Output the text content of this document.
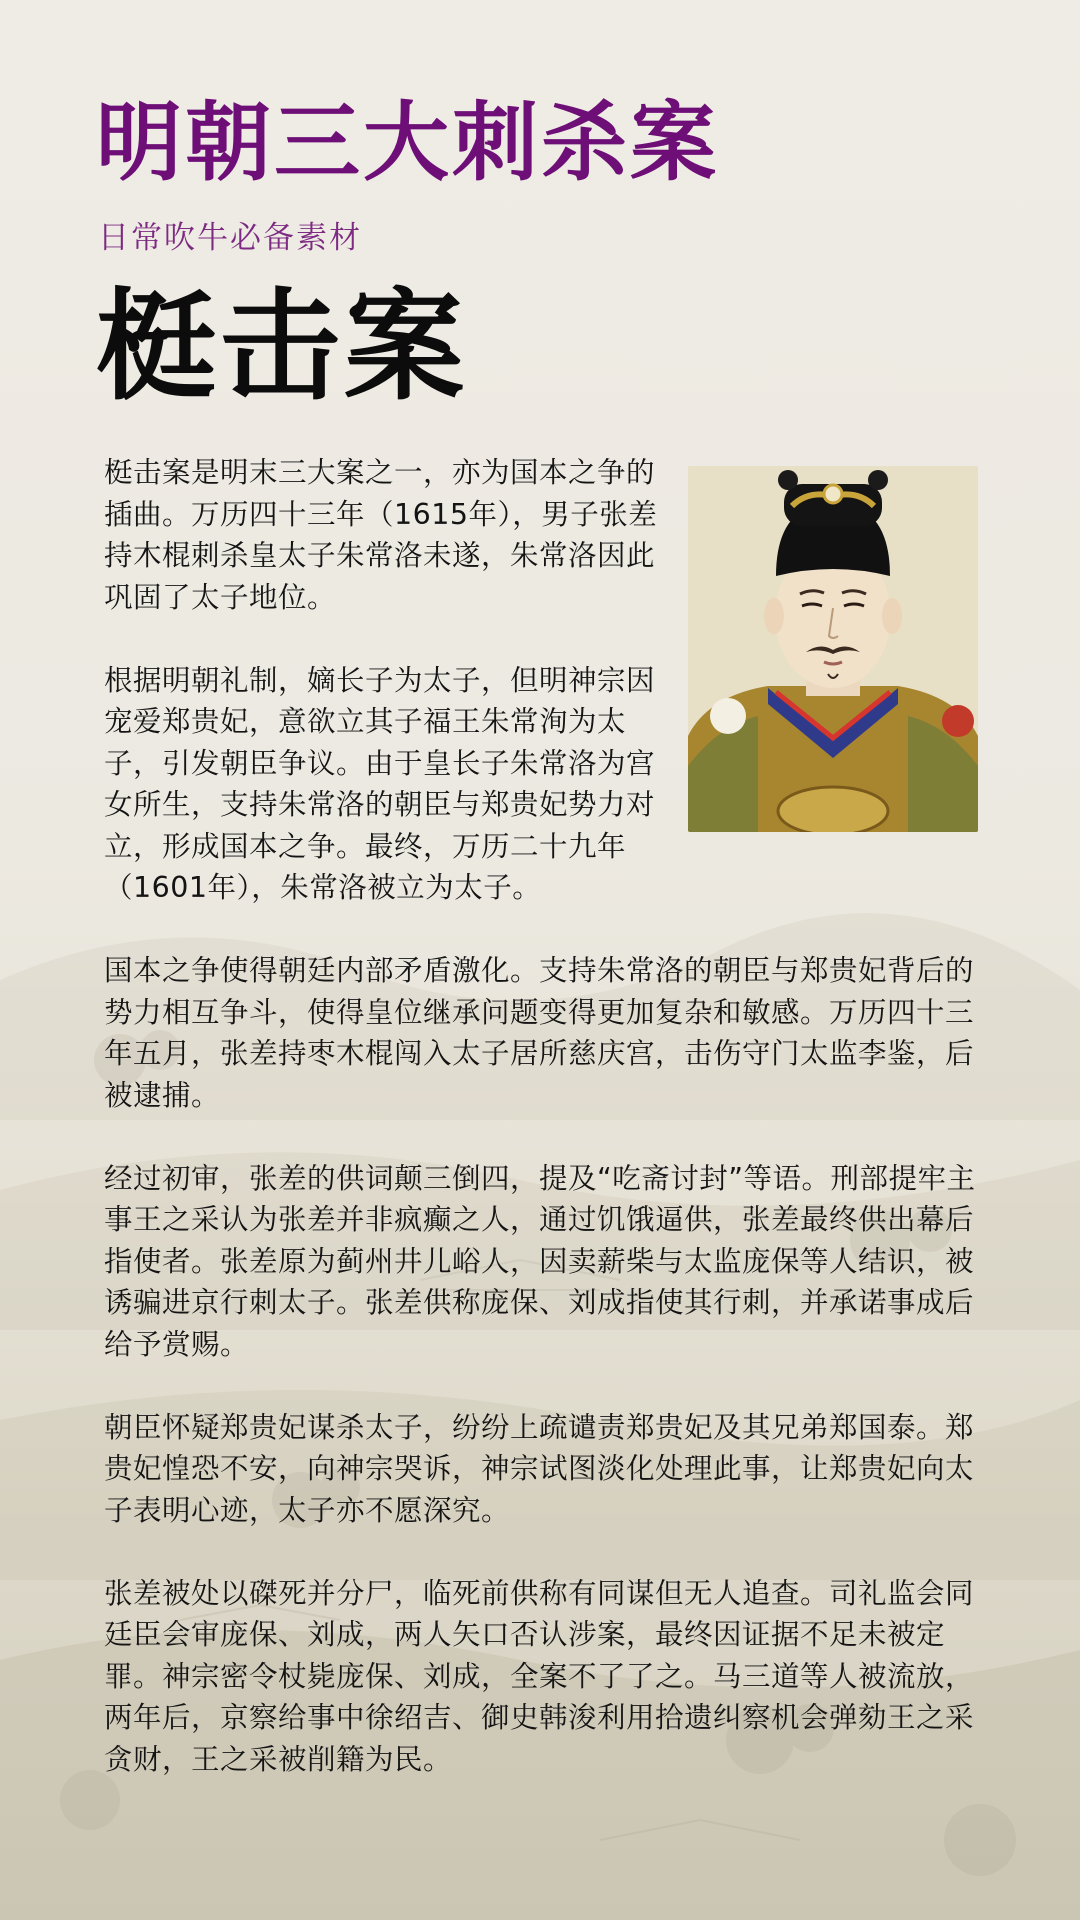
明朝三大刺杀案
日常吹牛必备素材
梃击案

梃击案是明末三大案之一，亦为国本之争的插曲。万历四十三年（1615年），男子张差持木棍刺杀皇太子朱常洛未遂，朱常洛因此巩固了太子地位。

根据明朝礼制，嫡长子为太子，但明神宗因宠爱郑贵妃，意欲立其子福王朱常洵为太子，引发朝臣争议。由于皇长子朱常洛为宫女所生，支持朱常洛的朝臣与郑贵妃势力对立，形成国本之争。最终，万历二十九年（1601年），朱常洛被立为太子。

国本之争使得朝廷内部矛盾激化。支持朱常洛的朝臣与郑贵妃背后的势力相互争斗，使得皇位继承问题变得更加复杂和敏感。万历四十三年五月，张差持枣木棍闯入太子居所慈庆宫，击伤守门太监李鉴，后被逮捕。

经过初审，张差的供词颠三倒四，提及“吃斋讨封”等语。刑部提牢主事王之采认为张差并非疯癫之人，通过饥饿逼供，张差最终供出幕后指使者。张差原为蓟州井儿峪人，因卖薪柴与太监庞保等人结识，被诱骗进京行刺太子。张差供称庞保、刘成指使其行刺，并承诺事成后给予赏赐。

朝臣怀疑郑贵妃谋杀太子，纷纷上疏谴责郑贵妃及其兄弟郑国泰。郑贵妃惶恐不安，向神宗哭诉，神宗试图淡化处理此事，让郑贵妃向太子表明心迹，太子亦不愿深究。

张差被处以磔死并分尸，临死前供称有同谋但无人追查。司礼监会同廷臣会审庞保、刘成，两人矢口否认涉案，最终因证据不足未被定罪。神宗密令杖毙庞保、刘成，全案不了了之。马三道等人被流放，两年后，京察给事中徐绍吉、御史韩浚利用拾遗纠察机会弹劾王之采贪财，王之采被削籍为民。
